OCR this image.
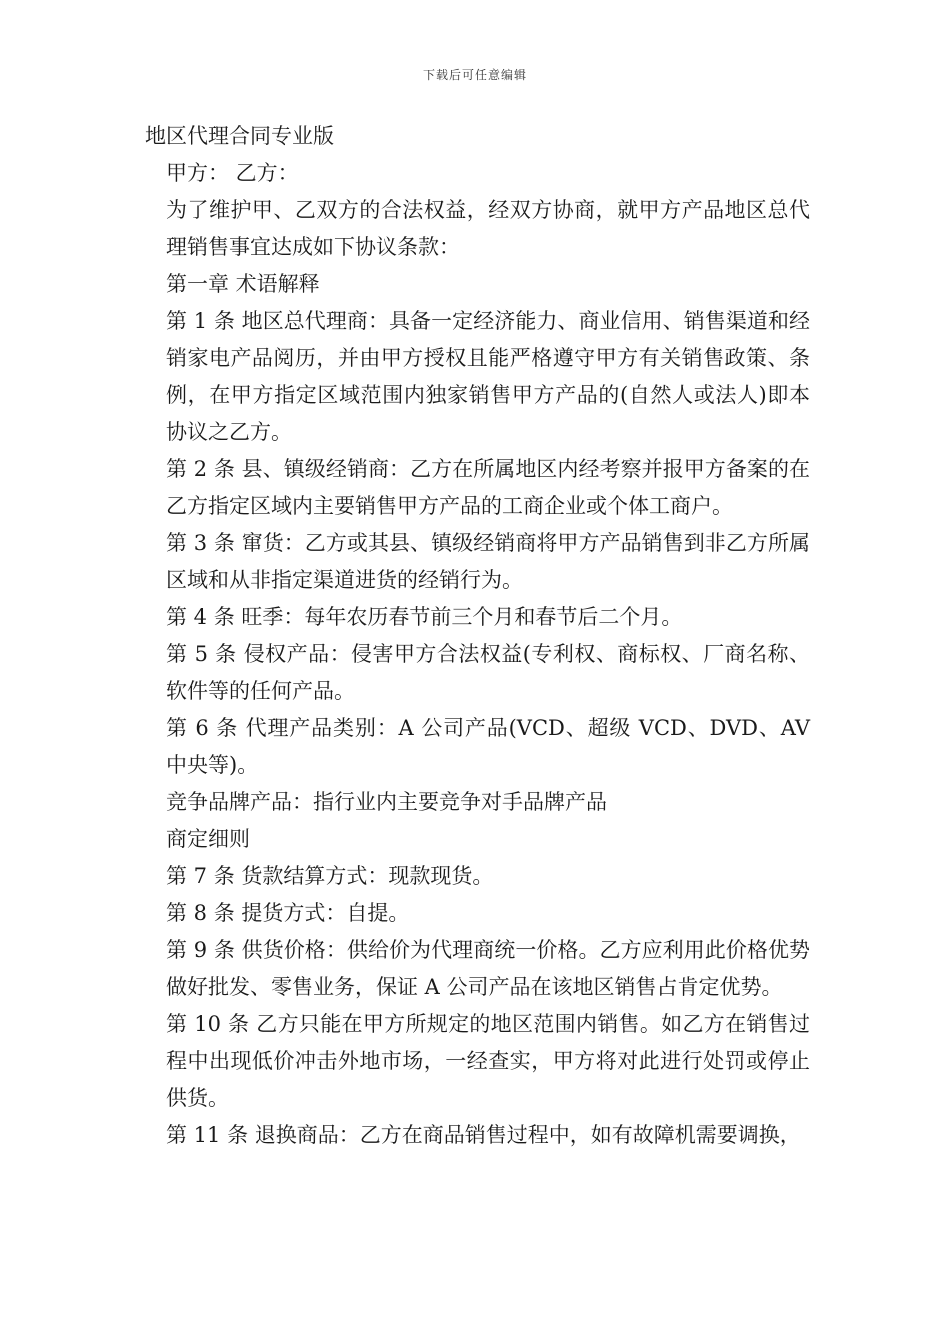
下载后可任意编辑

地区代理合同专业版

甲方： 乙方：

为了维护甲、乙双方的合法权益，经双方协商，就甲方产品地区总代理销售事宜达成如下协议条款：

第一章 术语解释

第 1 条 地区总代理商：具备一定经济能力、商业信用、销售渠道和经销家电产品阅历，并由甲方授权且能严格遵守甲方有关销售政策、条例，在甲方指定区域范围内独家销售甲方产品的(自然人或法人)即本协议之乙方。

第 2 条 县、镇级经销商：乙方在所属地区内经考察并报甲方备案的在乙方指定区域内主要销售甲方产品的工商企业或个体工商户。

第 3 条 窜货：乙方或其县、镇级经销商将甲方产品销售到非乙方所属区域和从非指定渠道进货的经销行为。

第 4 条 旺季：每年农历春节前三个月和春节后二个月。

第 5 条 侵权产品：侵害甲方合法权益(专利权、商标权、厂商名称、软件等的任何产品。

第 6 条 代理产品类别：A 公司产品(VCD、超级 VCD、DVD、AV 中央等)。

竞争品牌产品：指行业内主要竞争对手品牌产品

商定细则

第 7 条 货款结算方式：现款现货。

第 8 条 提货方式：自提。

第 9 条 供货价格：供给价为代理商统一价格。乙方应利用此价格优势做好批发、零售业务，保证 A 公司产品在该地区销售占肯定优势。

第 10 条 乙方只能在甲方所规定的地区范围内销售。如乙方在销售过程中出现低价冲击外地市场，一经查实，甲方将对此进行处罚或停止供货。

第 11 条 退换商品：乙方在商品销售过程中，如有故障机需要调换，
